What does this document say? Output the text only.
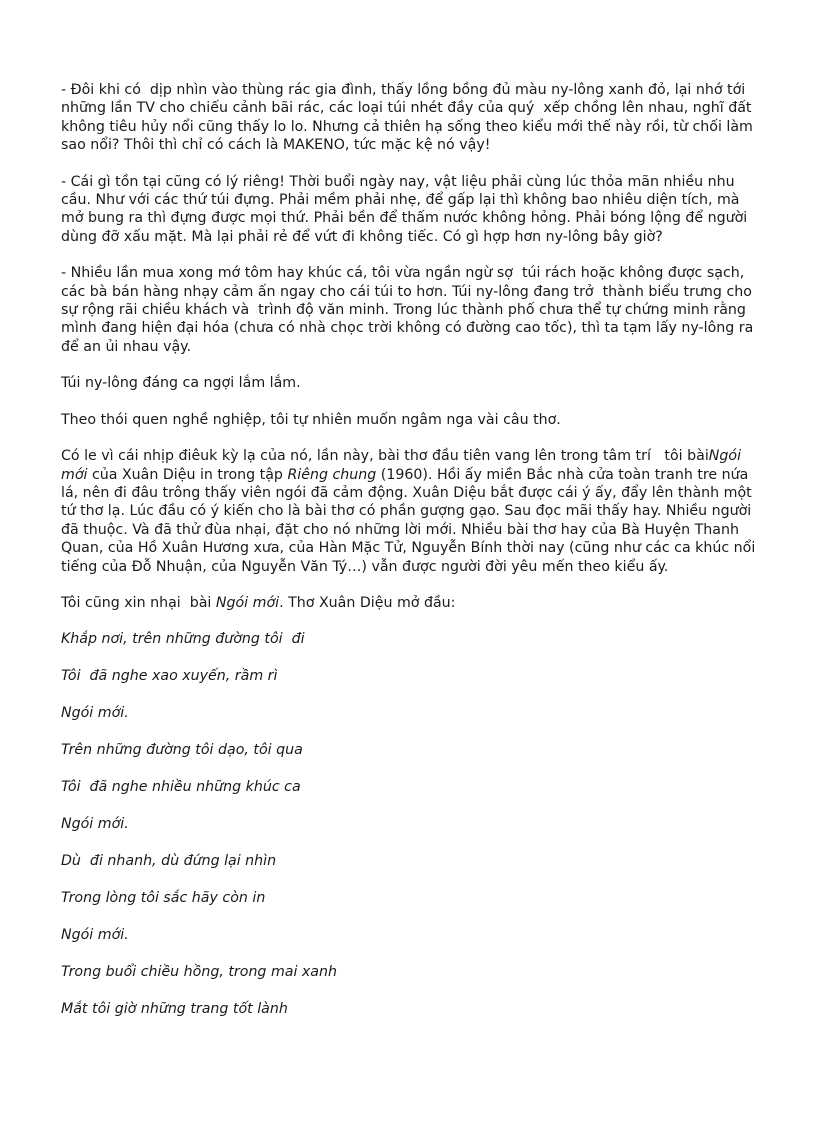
- Đôi khi có  dịp nhìn vào thùng rác gia đình, thấy lồng bồng đủ màu ny-lông xanh đỏ, lại nhớ tới những lần TV cho chiếu cảnh bãi rác, các loại túi nhét đầy của quý  xếp chồng lên nhau, nghĩ đất không tiêu hủy nổi cũng thấy lo lo. Nhưng cả thiên hạ sống theo kiểu mới thế này rồi, từ chối làm sao nổi? Thôi thì chỉ có cách là MAKENO, tức mặc kệ nó vậy!

- Cái gì tồn tại cũng có lý riêng! Thời buổi ngày nay, vật liệu phải cùng lúc thỏa mãn nhiều nhu cầu. Như với các thứ túi đựng. Phải mềm phải nhẹ, để gấp lại thì không bao nhiêu diện tích, mà mở bung ra thì đựng được mọi thứ. Phải bền để thấm nước không hỏng. Phải bóng lộng để người dùng đỡ xấu mặt. Mà lại phải rẻ để vứt đi không tiếc. Có gì hợp hơn ny-lông bây giờ?

- Nhiều lần mua xong mớ tôm hay khúc cá, tôi vừa ngần ngừ sợ  túi rách hoặc không được sạch, các bà bán hàng nhạy cảm ấn ngay cho cái túi to hơn. Túi ny-lông đang trở  thành biểu trưng cho sự rộng rãi chiều khách và  trình độ văn minh. Trong lúc thành phố chưa thể tự chứng minh rằng mình đang hiện đại hóa (chưa có nhà chọc trời không có đường cao tốc), thì ta tạm lấy ny-lông ra để an ủi nhau vậy.

Túi ny-lông đáng ca ngợi lắm lắm.

Theo thói quen nghề nghiệp, tôi tự nhiên muốn ngâm nga vài câu thơ.

Có le vì cái nhịp điêuk kỳ lạ của nó, lần này, bài thơ đầu tiên vang lên trong tâm trí   tôi bàiNgói mới của Xuân Diệu in trong tập Riêng chung (1960). Hồi ấy miền Bắc nhà cửa toàn tranh tre nứa lá, nên đi đâu trông thấy viên ngói đã cảm động. Xuân Diệu bắt được cái ý ấy, đẩy lên thành một tứ thơ lạ. Lúc đầu có ý kiến cho là bài thơ có phần gượng gạo. Sau đọc mãi thấy hay. Nhiều người đã thuộc. Và đã thử đùa nhại, đặt cho nó những lời mới. Nhiều bài thơ hay của Bà Huyện Thanh Quan, của Hồ Xuân Hương xưa, của Hàn Mặc Tử, Nguyễn Bính thời nay (cũng như các ca khúc nổi tiếng của Đỗ Nhuận, của Nguyễn Văn Tý…) vẫn được người đời yêu mến theo kiểu ấy.

Tôi cũng xin nhại  bài Ngói mới. Thơ Xuân Diệu mở đầu:

Khắp nơi, trên những đường tôi  đi

Tôi  đã nghe xao xuyến, rầm rì

Ngói mới.

Trên những đường tôi dạo, tôi qua

Tôi  đã nghe nhiều những khúc ca

Ngói mới.

Dù  đi nhanh, dù đứng lại nhìn

Trong lòng tôi sắc hãy còn in

Ngói mới.

Trong buổi chiều hồng, trong mai xanh

Mắt tôi giờ những trang tốt lành
